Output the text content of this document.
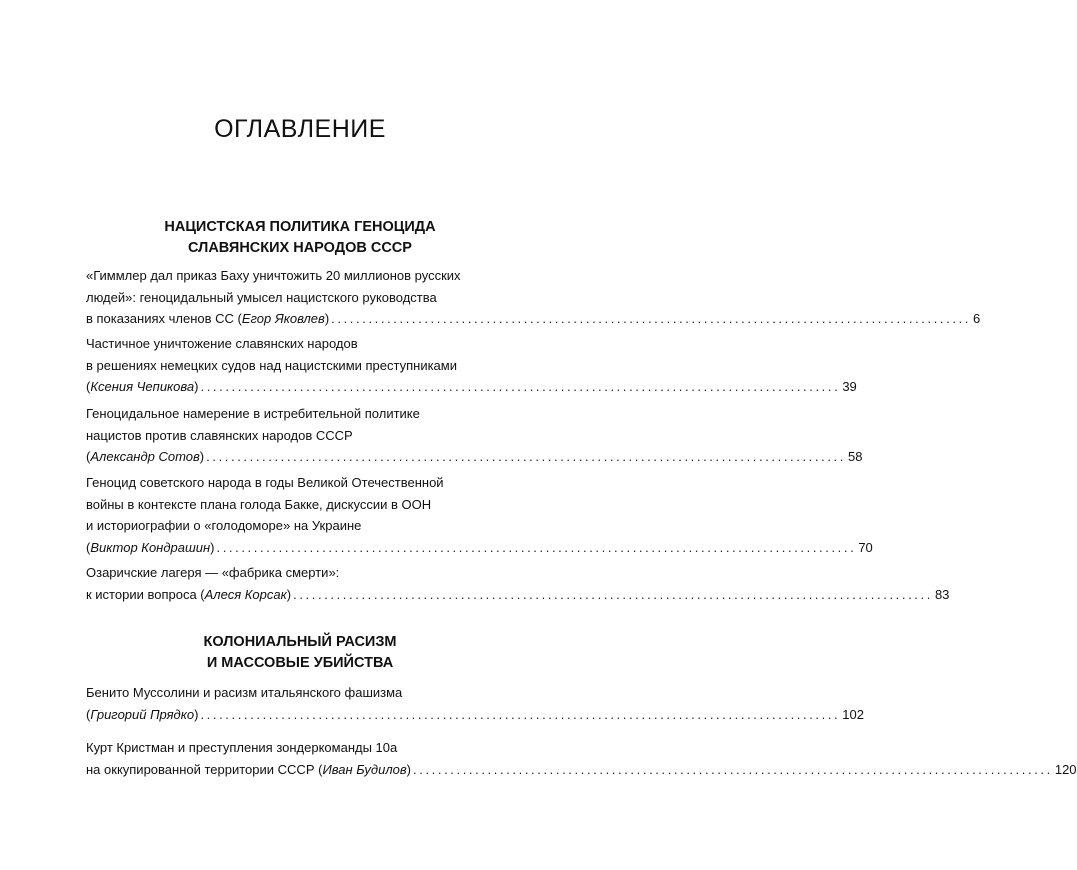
ОГЛАВЛЕНИЕ
НАЦИСТСКАЯ ПОЛИТИКА ГЕНОЦИДА
СЛАВЯНСКИХ НАРОДОВ СССР
«Гиммлер дал приказ Баху уничтожить 20 миллионов русских
людей»: геноцидальный умысел нацистского руководства
в показаниях членов СС (Егор Яковлев) ....................................................................................................... 6
Частичное уничтожение славянских народов
в решениях немецких судов над нацистскими преступниками
(Ксения Чепикова) ....................................................................................................... 39
Геноцидальное намерение в истребительной политике
нацистов против славянских народов СССР
(Александр Сотов) ....................................................................................................... 58
Геноцид советского народа в годы Великой Отечественной
войны в контексте плана голода Бакке, дискуссии в ООН
и историографии о «голодоморе» на Украине
(Виктор Кондрашин) ....................................................................................................... 70
Озаричские лагеря — «фабрика смерти»:
к истории вопроса (Алеся Корсак) ....................................................................................................... 83
КОЛОНИАЛЬНЫЙ РАСИЗМ
И МАССОВЫЕ УБИЙСТВА
Бенито Муссолини и расизм итальянского фашизма
(Григорий Прядко) ....................................................................................................... 102
Курт Кристман и преступления зондеркоманды 10а
на оккупированной территории СССР (Иван Будилов) ....................................................................................................... 120
